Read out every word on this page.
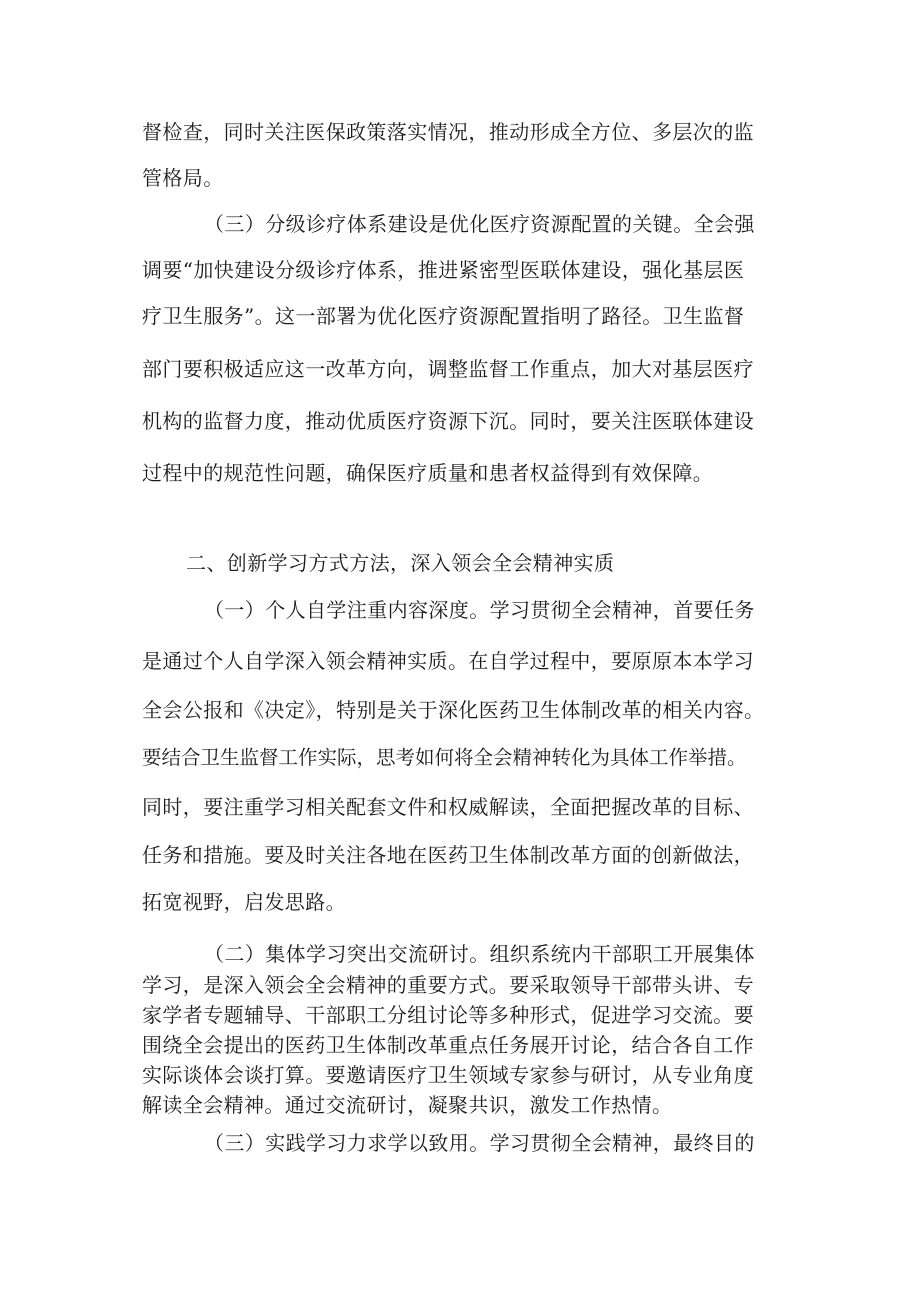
督检查，同时关注医保政策落实情况，推动形成全方位、多层次的监
管格局。
（三）分级诊疗体系建设是优化医疗资源配置的关键。全会强
调要“加快建设分级诊疗体系，推进紧密型医联体建设，强化基层医
疗卫生服务”。这一部署为优化医疗资源配置指明了路径。卫生监督
部门要积极适应这一改革方向，调整监督工作重点，加大对基层医疗
机构的监督力度，推动优质医疗资源下沉。同时，要关注医联体建设
过程中的规范性问题，确保医疗质量和患者权益得到有效保障。
二、创新学习方式方法，深入领会全会精神实质
（一）个人自学注重内容深度。学习贯彻全会精神，首要任务
是通过个人自学深入领会精神实质。在自学过程中，要原原本本学习
全会公报和《决定》，特别是关于深化医药卫生体制改革的相关内容。
要结合卫生监督工作实际，思考如何将全会精神转化为具体工作举措。
同时，要注重学习相关配套文件和权威解读，全面把握改革的目标、
任务和措施。要及时关注各地在医药卫生体制改革方面的创新做法，
拓宽视野，启发思路。
（二）集体学习突出交流研讨。组织系统内干部职工开展集体
学习，是深入领会全会精神的重要方式。要采取领导干部带头讲、专
家学者专题辅导、干部职工分组讨论等多种形式，促进学习交流。要
围绕全会提出的医药卫生体制改革重点任务展开讨论，结合各自工作
实际谈体会谈打算。要邀请医疗卫生领域专家参与研讨，从专业角度
解读全会精神。通过交流研讨，凝聚共识，激发工作热情。
（三）实践学习力求学以致用。学习贯彻全会精神，最终目的
